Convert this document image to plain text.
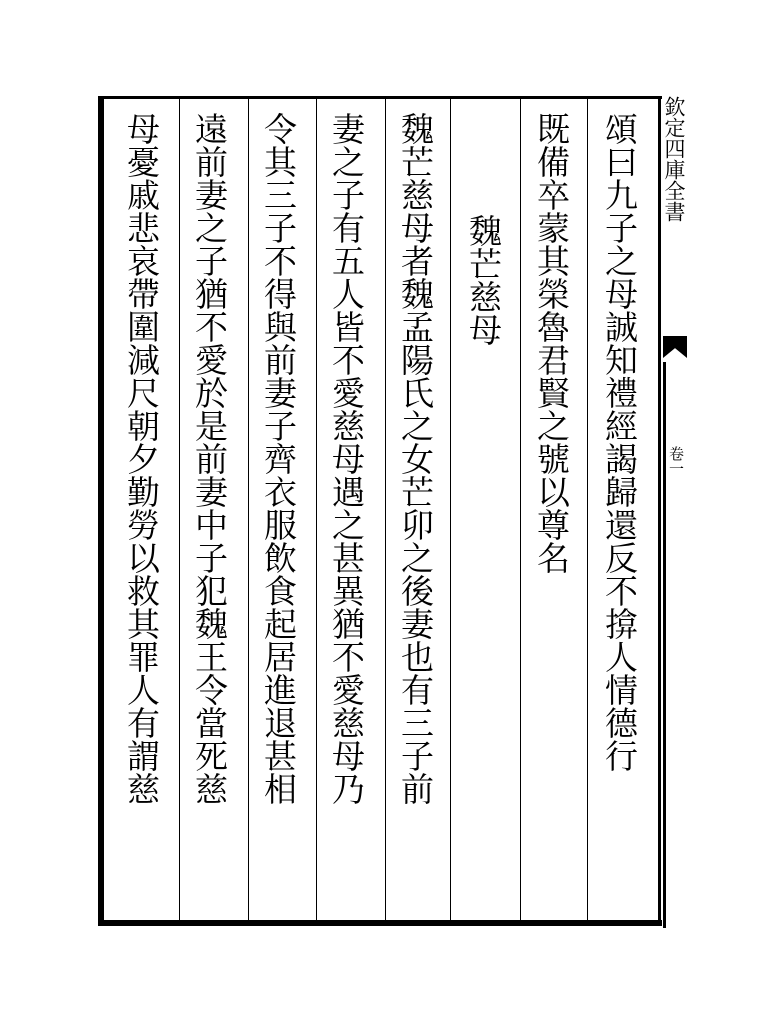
欽定四庫全書
卷一
頌曰九子之母誠知禮經謁歸還反不揜人情德行
既備卒蒙其榮魯君賢之號以尊名
魏芒慈母
魏芒慈母者魏孟陽氏之女芒卯之後妻也有三子前
妻之子有五人皆不愛慈母遇之甚異猶不愛慈母乃
令其三子不得與前妻子齊衣服飲食起居進退甚相
遠前妻之子猶不愛於是前妻中子犯魏王令當死慈
母憂戚悲哀帶圍減尺朝夕勤勞以救其罪人有謂慈
